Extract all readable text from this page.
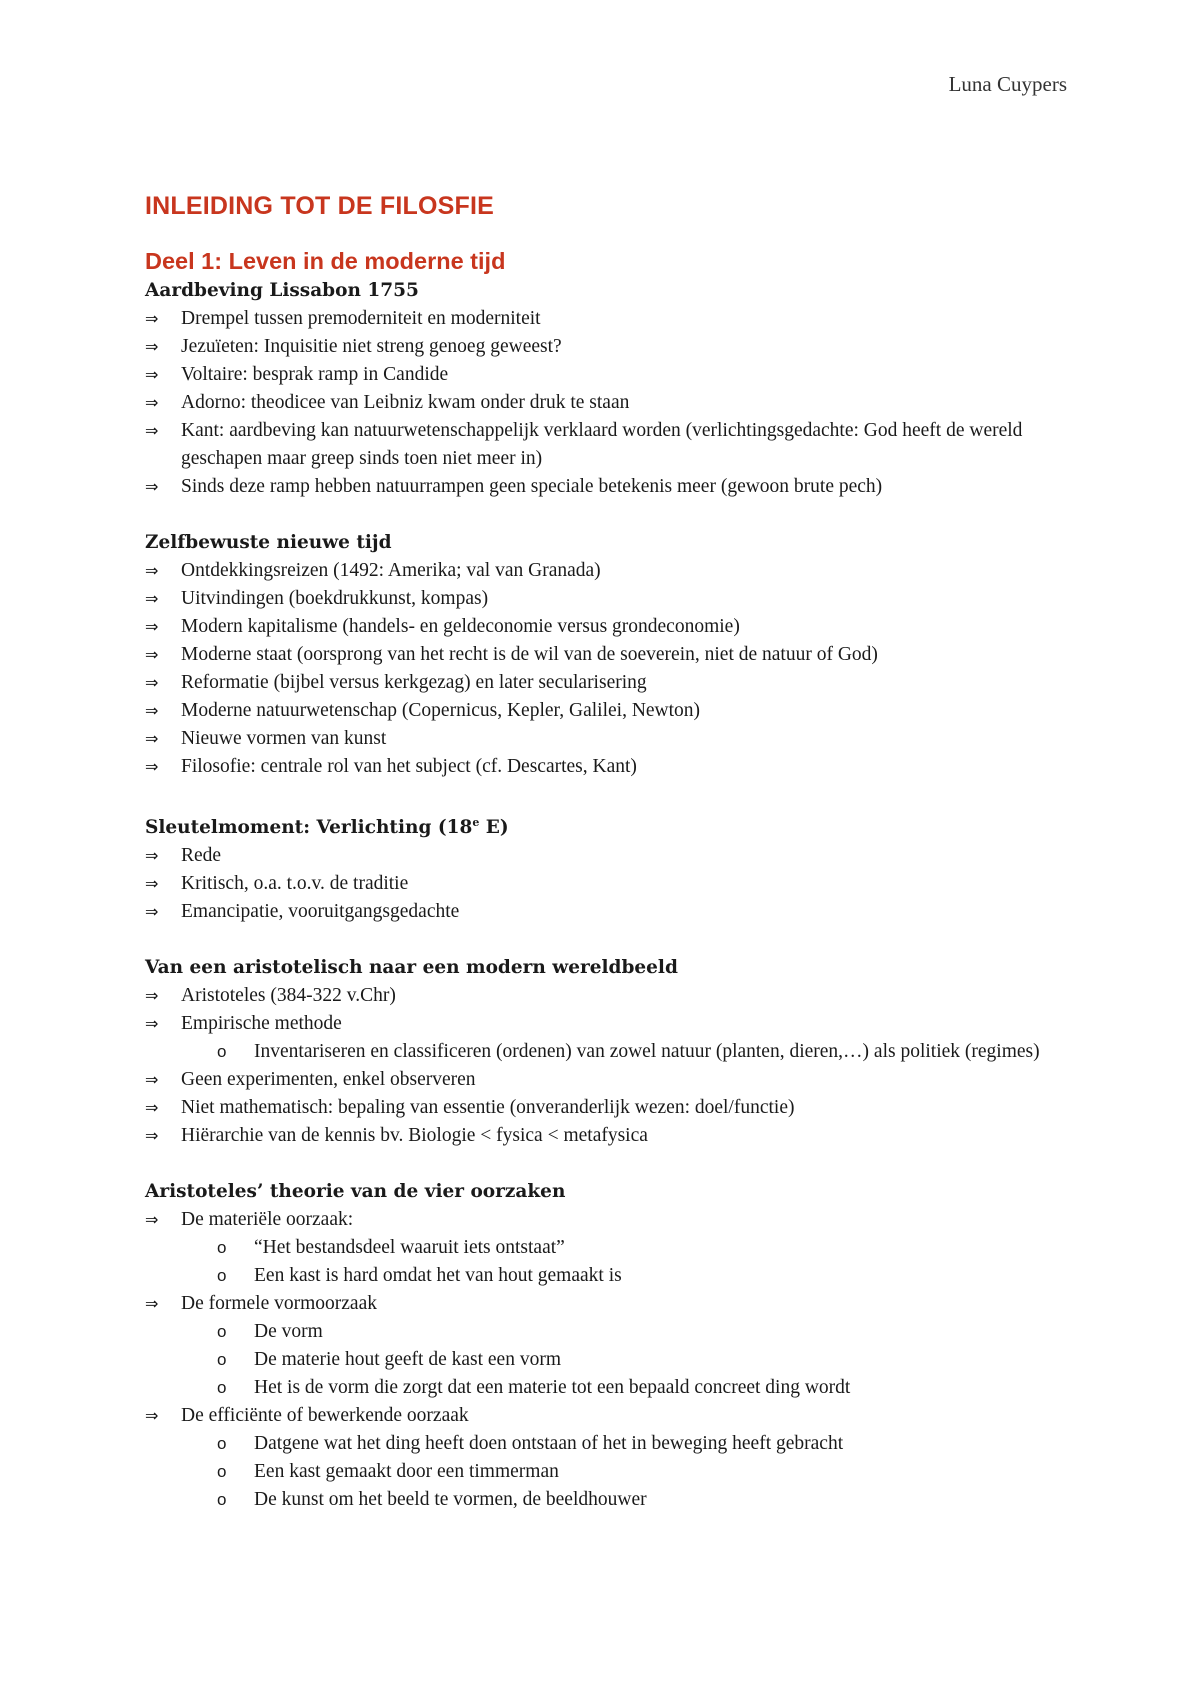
Luna Cuypers
INLEIDING TOT DE FILOSFIE
Deel 1: Leven in de moderne tijd
Aardbeving Lissabon 1755
⇒	Drempel tussen premoderniteit en moderniteit
⇒	Jezuïeten: Inquisitie niet streng genoeg geweest?
⇒	Voltaire: besprak ramp in Candide
⇒	Adorno: theodicee van Leibniz kwam onder druk te staan
⇒	Kant: aardbeving kan natuurwetenschappelijk verklaard worden (verlichtingsgedachte: God heeft de wereld geschapen maar greep sinds toen niet meer in)
⇒	Sinds deze ramp hebben natuurrampen geen speciale betekenis meer (gewoon brute pech)
Zelfbewuste nieuwe tijd
⇒	Ontdekkingsreizen (1492: Amerika; val van Granada)
⇒	Uitvindingen (boekdrukkunst, kompas)
⇒	Modern kapitalisme (handels- en geldeconomie versus grondeconomie)
⇒	Moderne staat (oorsprong van het recht is de wil van de soeverein, niet de natuur of God)
⇒	Reformatie (bijbel versus kerkgezag) en later secularisering
⇒	Moderne natuurwetenschap (Copernicus, Kepler, Galilei, Newton)
⇒	Nieuwe vormen van kunst
⇒	Filosofie: centrale rol van het subject (cf. Descartes, Kant)
Sleutelmoment: Verlichting (18e E)
⇒	Rede
⇒	Kritisch, o.a. t.o.v. de traditie
⇒	Emancipatie, vooruitgangsgedachte
Van een aristotelisch naar een modern wereldbeeld
⇒	Aristoteles (384-322 v.Chr)
⇒	Empirische methode
o Inventariseren en classificeren (ordenen) van zowel natuur (planten, dieren,…) als politiek (regimes)
⇒	Geen experimenten, enkel observeren
⇒	Niet mathematisch: bepaling van essentie (onveranderlijk wezen: doel/functie)
⇒	Hiërarchie van de kennis bv. Biologie < fysica < metafysica
Aristoteles’ theorie van de vier oorzaken
⇒	De materiële oorzaak:
o “Het bestandsdeel waaruit iets ontstaat”
o Een kast is hard omdat het van hout gemaakt is
⇒	De formele vormoorzaak
o De vorm
o De materie hout geeft de kast een vorm
o Het is de vorm die zorgt dat een materie tot een bepaald concreet ding wordt
⇒	De efficiënte of bewerkende oorzaak
o Datgene wat het ding heeft doen ontstaan of het in beweging heeft gebracht
o Een kast gemaakt door een timmerman
o De kunst om het beeld te vormen, de beeldhouwer
